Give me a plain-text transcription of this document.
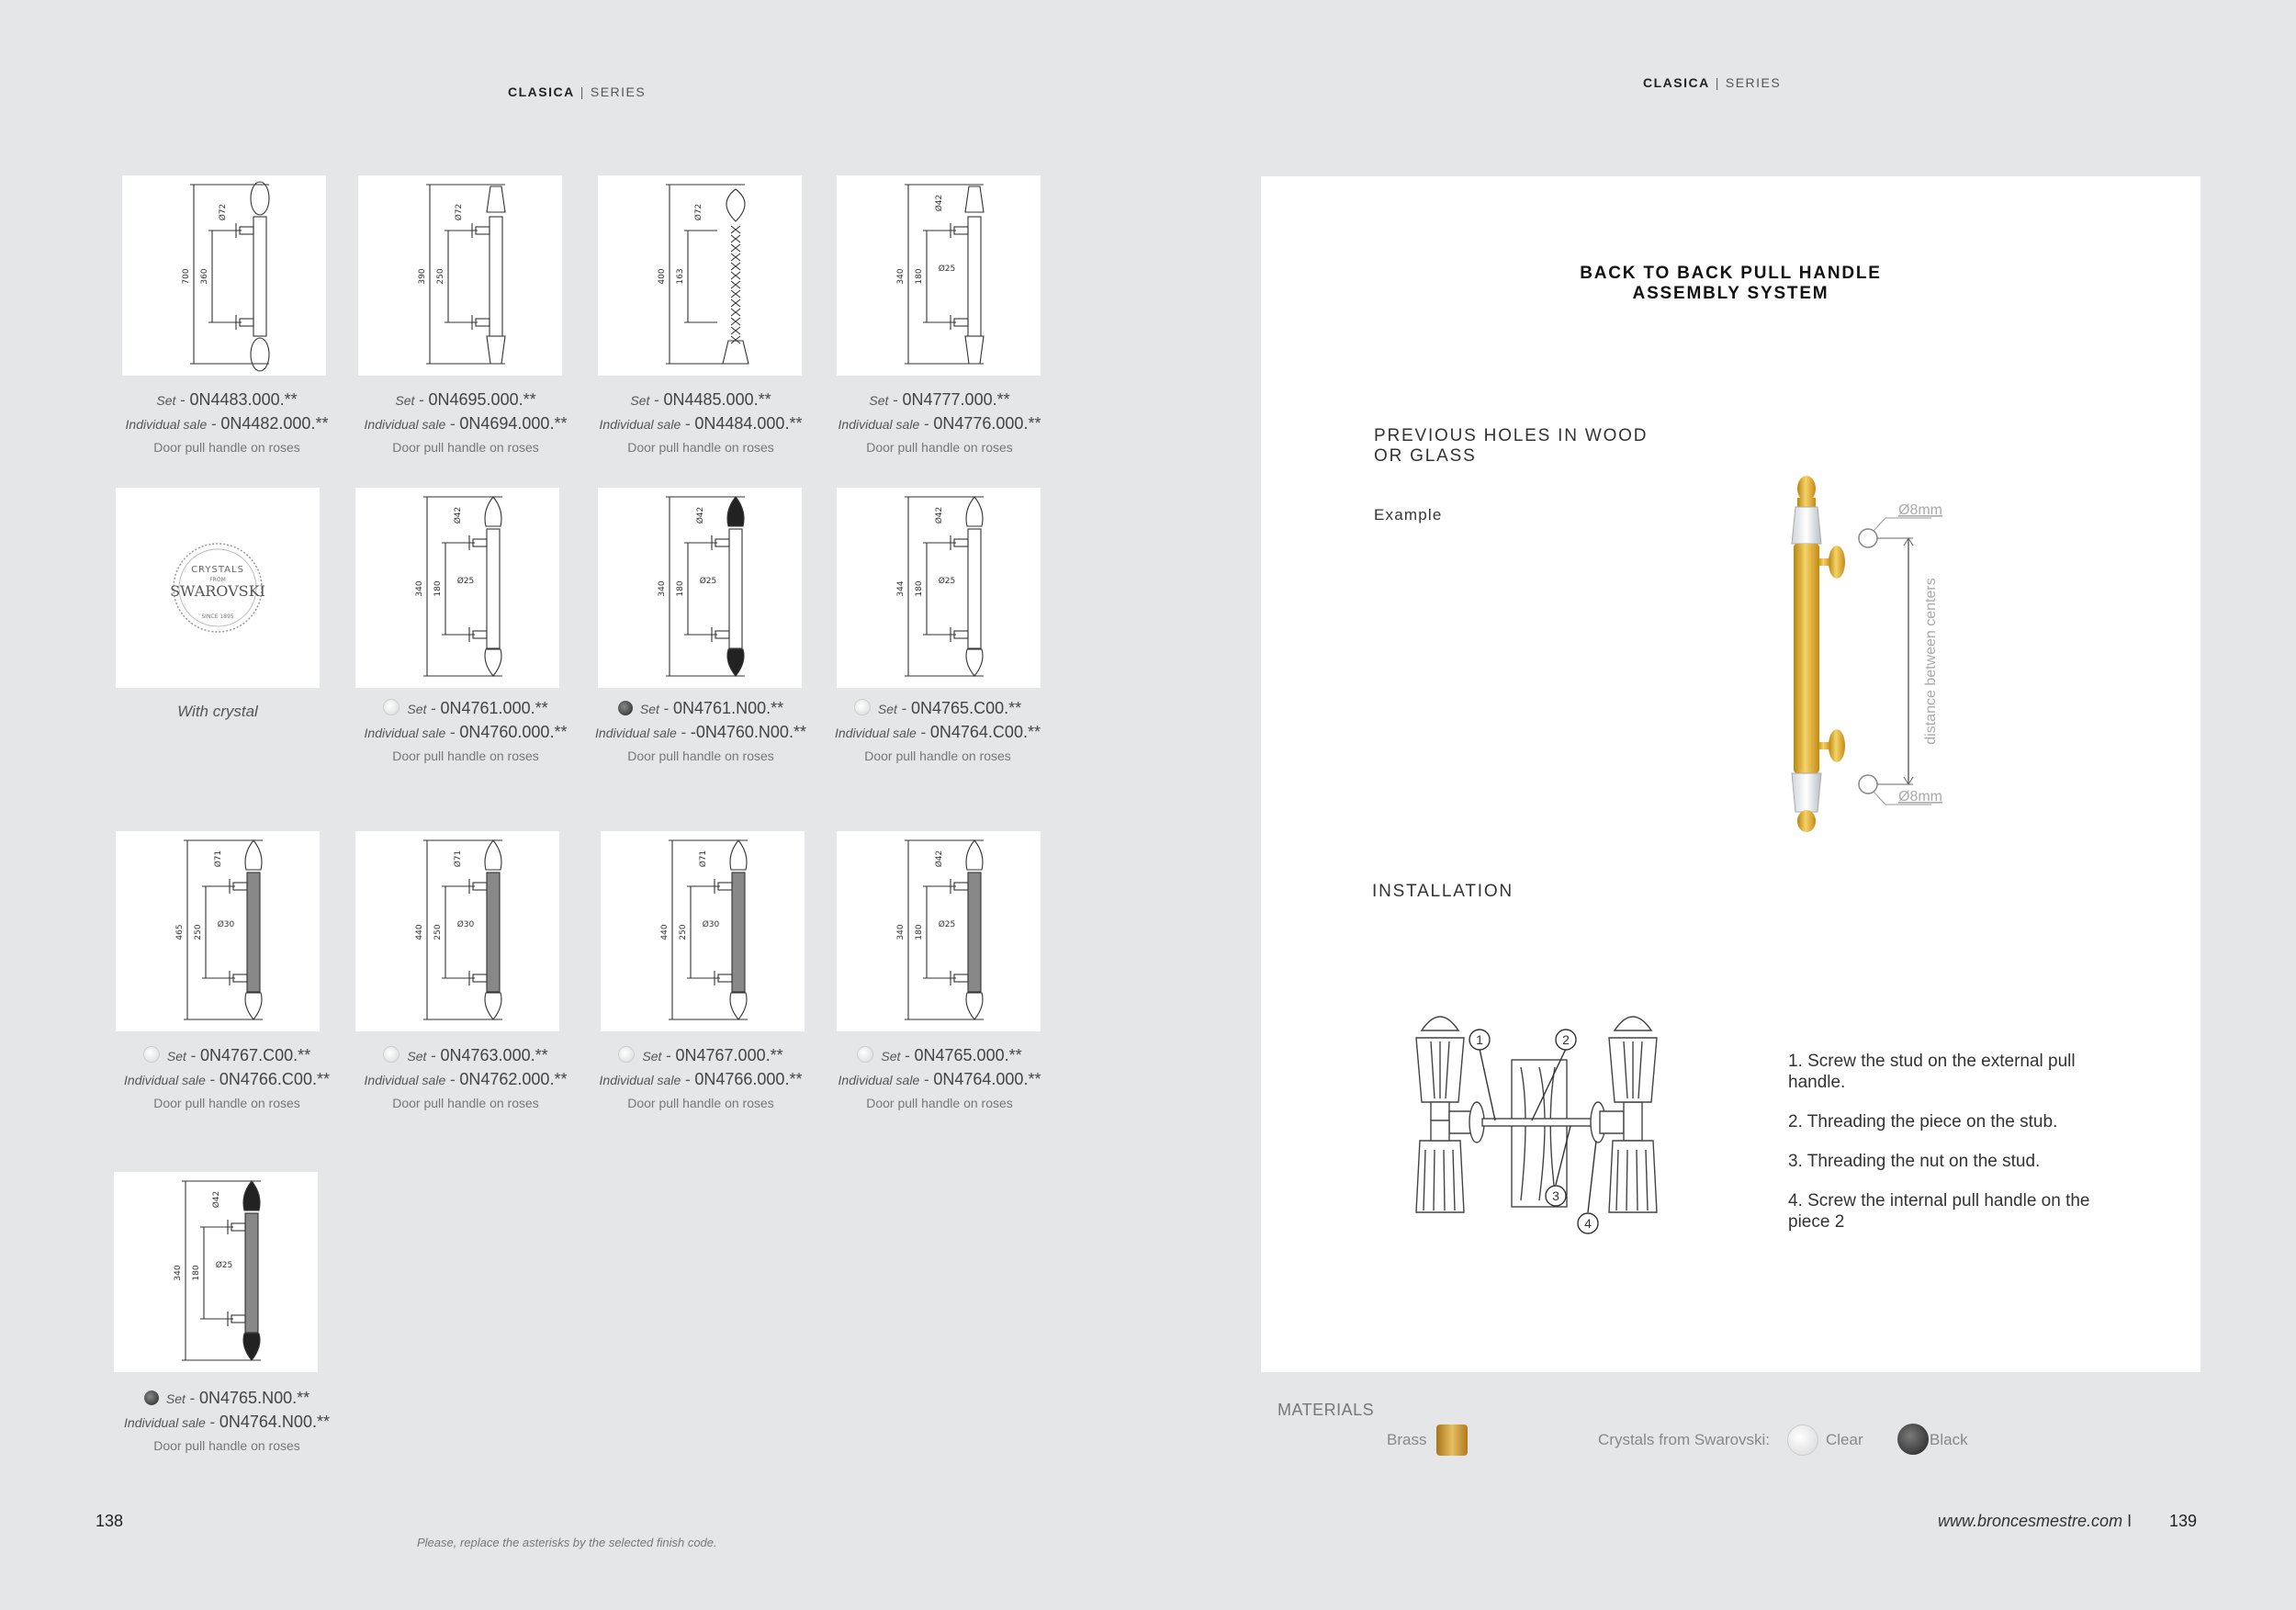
CLASICA | SERIES
CLASICA | SERIES
700 360
Ø72
390 250
Ø72
400 163
Ø72
340 180 Ø25
Ø42
340 180 Ø25
Ø42
340 180 Ø25
Ø42
344 180 Ø25
Ø42
465 250 Ø30
Ø71
440 250 Ø30
Ø71
440 250 Ø30
Ø71
340 180 Ø25
Ø42
340 180 Ø25
Ø42
CRYSTALS
FROM
SWAROVSKI
SINCE 1895
With crystal
Set - 0N4483.000.**
Individual sale - 0N4482.000.**
Door pull handle on roses
Set - 0N4695.000.**
Individual sale - 0N4694.000.**
Door pull handle on roses
Set - 0N4485.000.**
Individual sale - 0N4484.000.**
Door pull handle on roses
Set - 0N4777.000.**
Individual sale - 0N4776.000.**
Door pull handle on roses
Set - 0N4761.000.**
Individual sale - 0N4760.000.**
Door pull handle on roses
Set - 0N4761.N00.**
Individual sale - -0N4760.N00.**
Door pull handle on roses
Set - 0N4765.C00.**
Individual sale - 0N4764.C00.**
Door pull handle on roses
Set - 0N4767.C00.**
Individual sale - 0N4766.C00.**
Door pull handle on roses
Set - 0N4763.000.**
Individual sale - 0N4762.000.**
Door pull handle on roses
Set - 0N4767.000.**
Individual sale - 0N4766.000.**
Door pull handle on roses
Set - 0N4765.000.**
Individual sale - 0N4764.000.**
Door pull handle on roses
Set - 0N4765.N00.**
Individual sale - 0N4764.N00.**
Door pull handle on roses
BACK TO BACK PULL HANDLE
ASSEMBLY SYSTEM
PREVIOUS HOLES IN WOOD
OR GLASS
Example	Ø8mm
Ø8mm
distance between centers
INSTALLATION
1	2
3
4

1. Screw the stud on the external pull handle.

2. Threading the piece on the stub.

3. Threading the nut on the stud.

4. Screw the internal pull handle on the piece 2

MATERIALS
Brass	Crystals from Swarovski:	Clear	Black
138
Please, replace the asterisks by the selected finish code.
www.broncesmestre.com I 139
